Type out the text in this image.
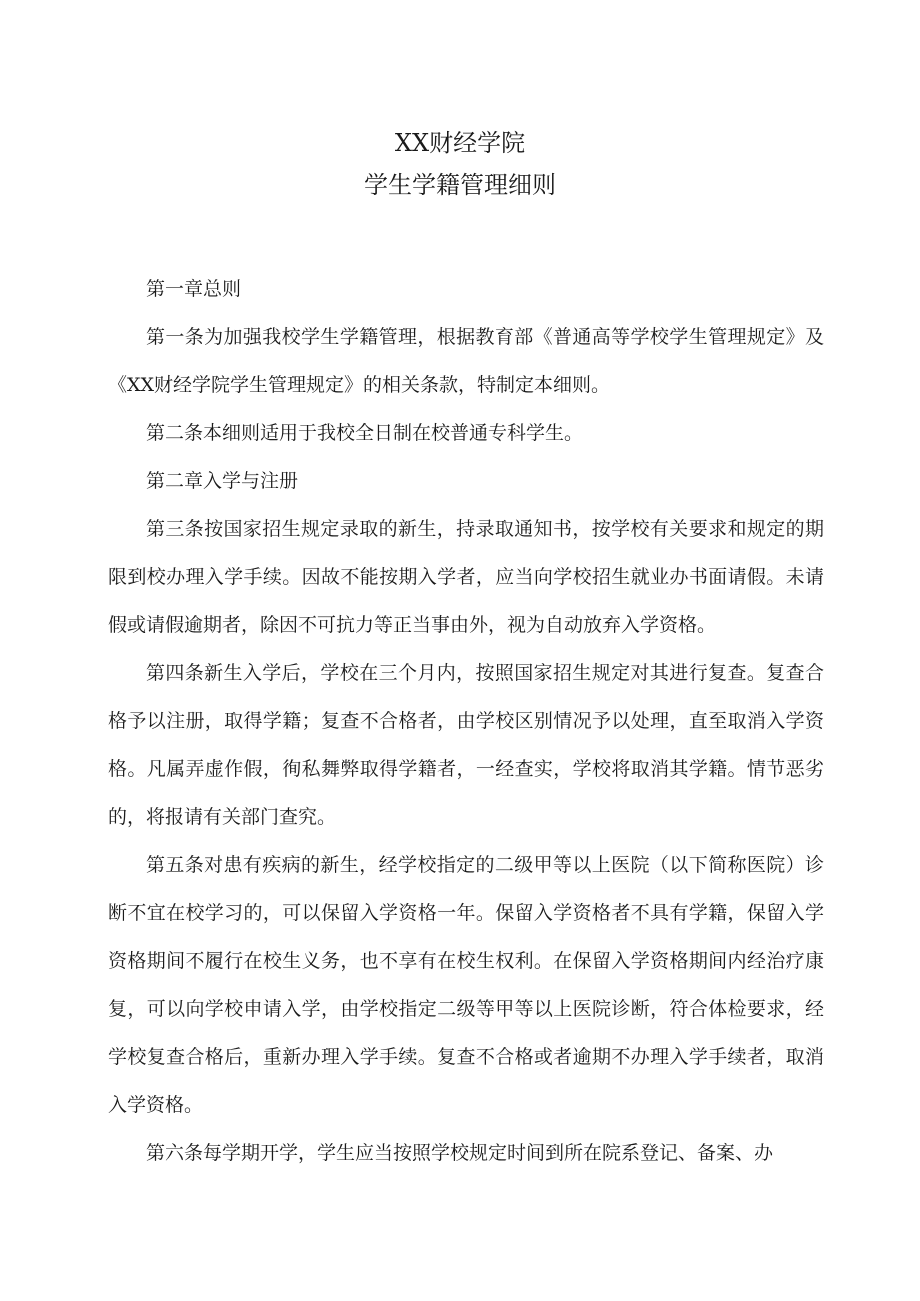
XX财经学院
学生学籍管理细则

第一章总则

第一条为加强我校学生学籍管理，根据教育部《普通高等学校学生管理规定》及《XX财经学院学生管理规定》的相关条款，特制定本细则。

第二条本细则适用于我校全日制在校普通专科学生。

第二章入学与注册

第三条按国家招生规定录取的新生，持录取通知书，按学校有关要求和规定的期限到校办理入学手续。因故不能按期入学者，应当向学校招生就业办书面请假。未请假或请假逾期者，除因不可抗力等正当事由外，视为自动放弃入学资格。

第四条新生入学后，学校在三个月内，按照国家招生规定对其进行复查。复查合格予以注册，取得学籍；复查不合格者，由学校区别情况予以处理，直至取消入学资格。凡属弄虚作假，徇私舞弊取得学籍者，一经查实，学校将取消其学籍。情节恶劣的，将报请有关部门查究。

第五条对患有疾病的新生，经学校指定的二级甲等以上医院（以下简称医院）诊断不宜在校学习的，可以保留入学资格一年。保留入学资格者不具有学籍，保留入学资格期间不履行在校生义务，也不享有在校生权利。在保留入学资格期间内经治疗康复，可以向学校申请入学，由学校指定二级等甲等以上医院诊断，符合体检要求，经学校复查合格后，重新办理入学手续。复查不合格或者逾期不办理入学手续者，取消入学资格。

第六条每学期开学，学生应当按照学校规定时间到所在院系登记、备案、办
